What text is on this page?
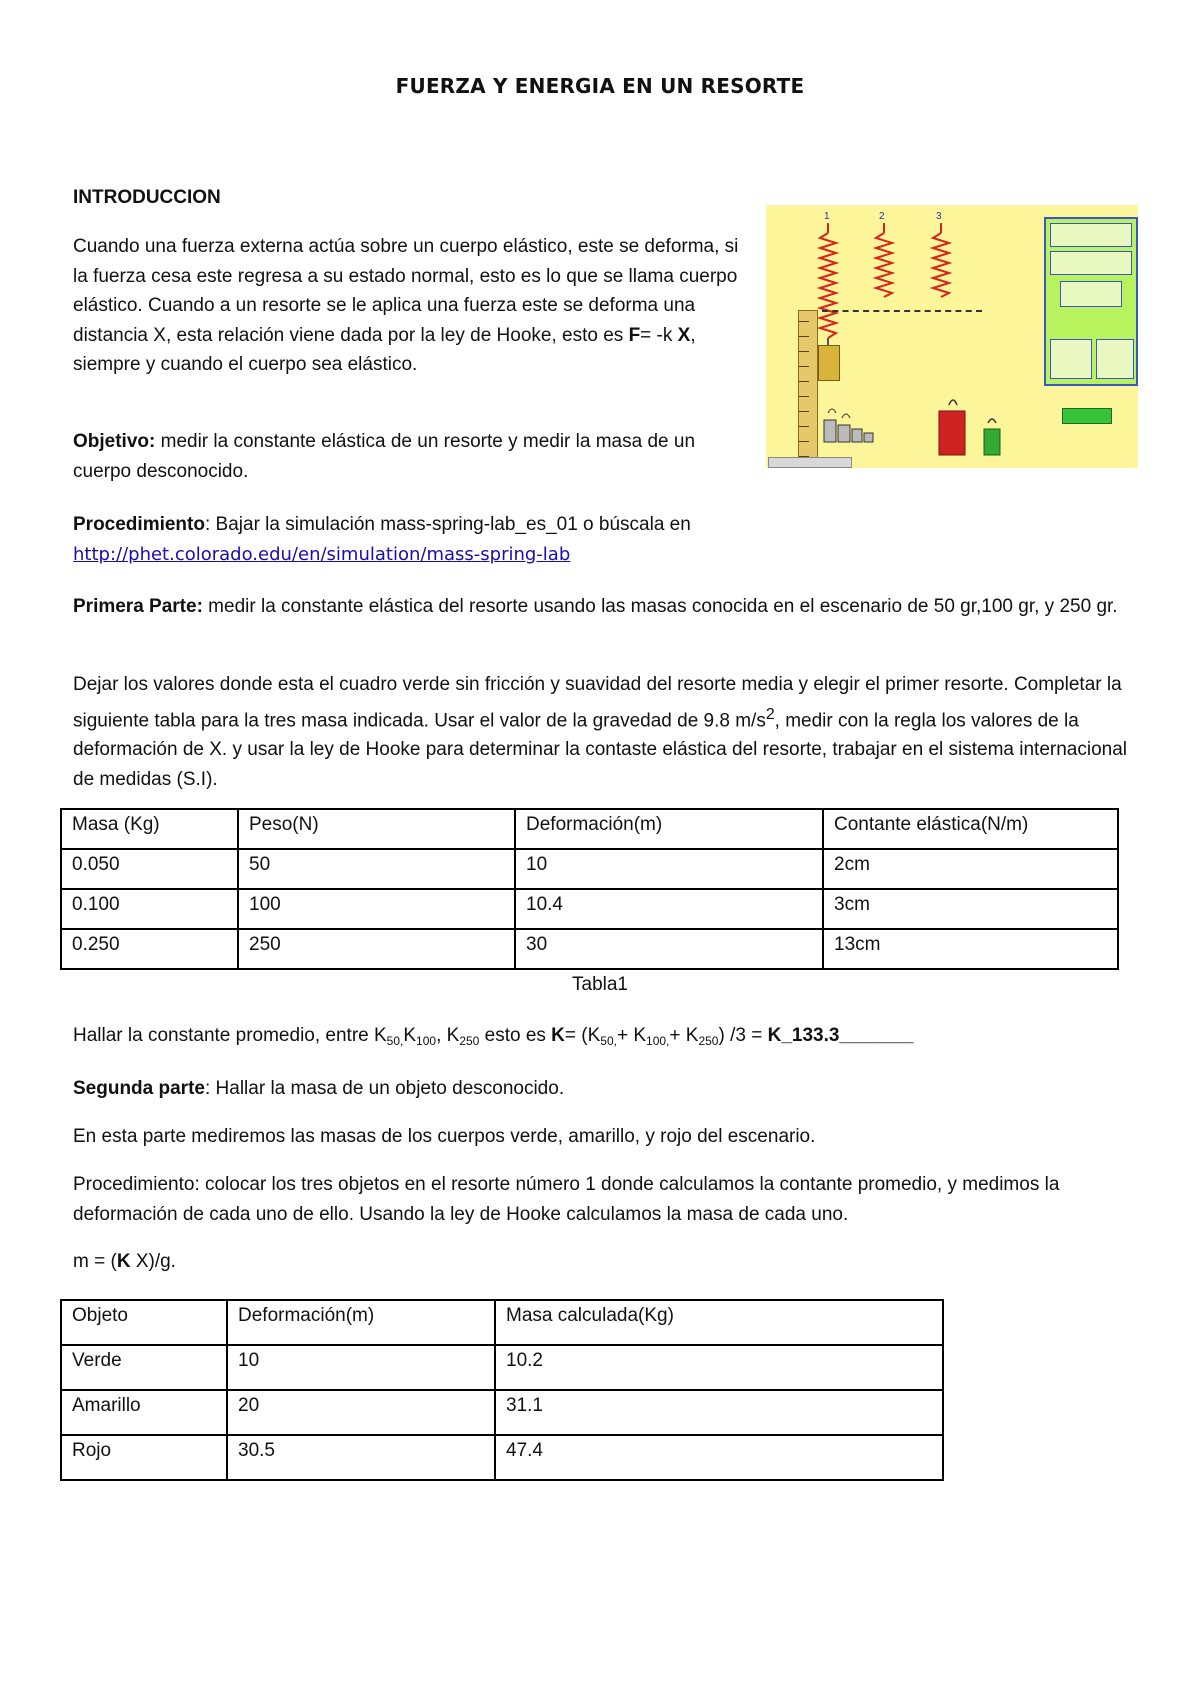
FUERZA Y ENERGIA EN UN RESORTE
INTRODUCCION
Cuando una fuerza externa actúa sobre un cuerpo elástico, este se deforma, si la fuerza cesa este regresa a su estado normal, esto es lo que se llama cuerpo elástico. Cuando a un resorte se le aplica una fuerza este se deforma una distancia X, esta relación viene dada por la ley de Hooke, esto es F= -k X, siempre y cuando el cuerpo sea elástico.
Objetivo: medir la constante elástica de un resorte y medir la masa de un cuerpo desconocido.
Procedimiento: Bajar la simulación mass-spring-lab_es_01 o búscala en
http://phet.colorado.edu/en/simulation/mass-spring-lab
Primera Parte: medir la constante elástica del resorte usando las masas conocida en el escenario de 50 gr,100 gr, y 250 gr.
Dejar los valores donde esta el cuadro verde sin fricción y suavidad del resorte media y elegir el primer resorte. Completar la siguiente tabla para la tres masa indicada. Usar el valor de la gravedad de 9.8 $m/s^2$, medir con la regla los valores de la deformación de X. y usar la ley de Hooke para determinar la contaste elástica del resorte, trabajar en el sistema internacional de medidas (S.I).
Masa (Kg)	Peso(N)	Deformación(m)	Contante elástica(N/m)
0.050	50	10	2cm
0.100	100	10.4	3cm
0.250	250	30	13cm
Tabla1
Hallar la constante promedio, entre $K_{50,}K_{100}$, $K_{250}$ esto es $K= (K_{50,}+ K_{100,}+ K_{250}) /3$ = K_133.3_______
Segunda parte: Hallar la masa de un objeto desconocido.
En esta parte mediremos las masas de los cuerpos verde, amarillo, y rojo del escenario.
Procedimiento: colocar los tres objetos en el resorte número 1 donde calculamos la contante promedio, y medimos la deformación de cada uno de ello. Usando la ley de Hooke calculamos la masa de cada uno.
m = (K X)/g.
Objeto	Deformación(m)	Masa calculada(Kg)
Verde	10	10.2
Amarillo	20	31.1
Rojo	30.5	47.4
1	2	3
